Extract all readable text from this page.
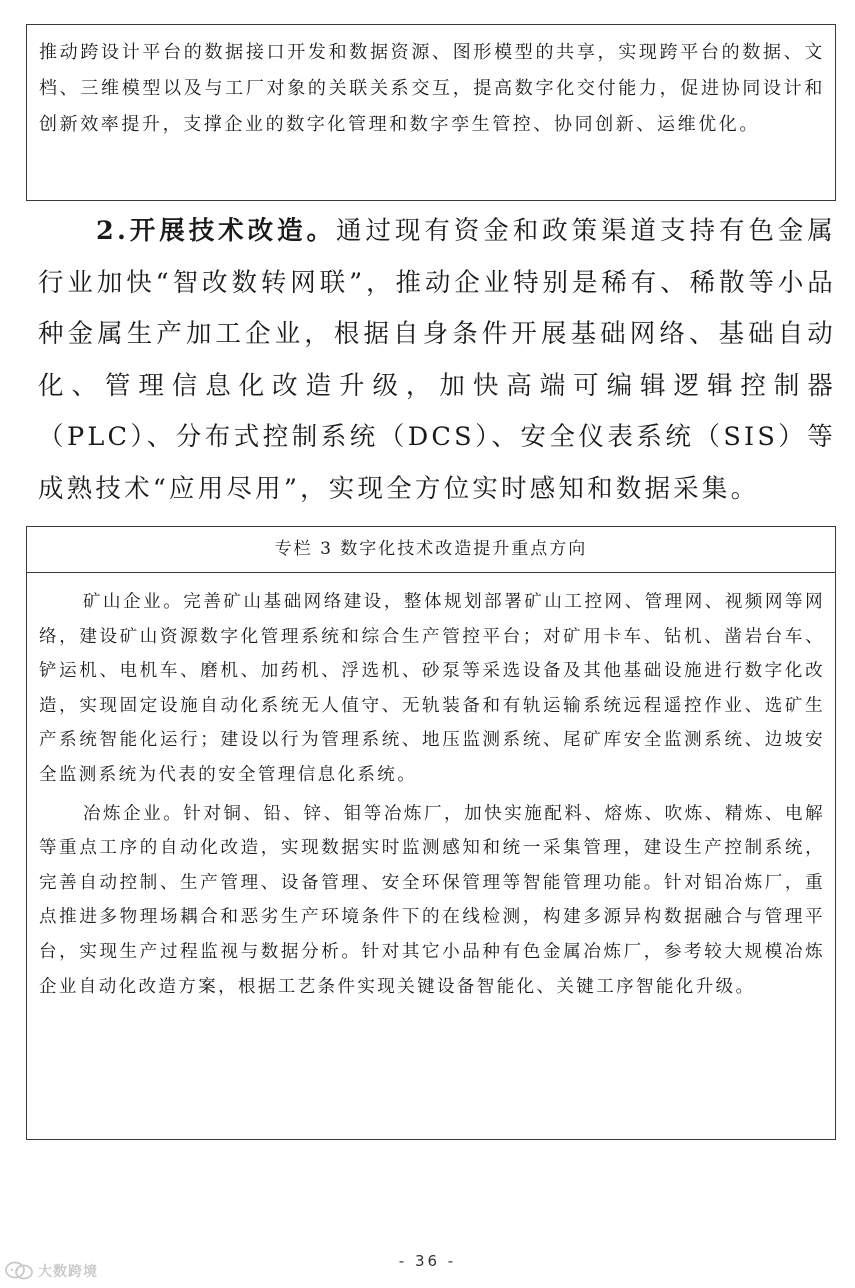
推动跨设计平台的数据接口开发和数据资源、图形模型的共享，实现跨平台的数据、文档、三维模型以及与工厂对象的关联关系交互，提高数字化交付能力，促进协同设计和创新效率提升，支撑企业的数字化管理和数字孪生管控、协同创新、运维优化。

2.开展技术改造。通过现有资金和政策渠道支持有色金属行业加快“智改数转网联”，推动企业特别是稀有、稀散等小品种金属生产加工企业，根据自身条件开展基础网络、基础自动化、管理信息化改造升级，加快高端可编辑逻辑控制器（PLC）、分布式控制系统（DCS）、安全仪表系统（SIS）等成熟技术“应用尽用”，实现全方位实时感知和数据采集。

专栏 3 数字化技术改造提升重点方向

矿山企业。完善矿山基础网络建设，整体规划部署矿山工控网、管理网、视频网等网络，建设矿山资源数字化管理系统和综合生产管控平台；对矿用卡车、钻机、凿岩台车、铲运机、电机车、磨机、加药机、浮选机、砂泵等采选设备及其他基础设施进行数字化改造，实现固定设施自动化系统无人值守、无轨装备和有轨运输系统远程遥控作业、选矿生产系统智能化运行；建设以行为管理系统、地压监测系统、尾矿库安全监测系统、边坡安全监测系统为代表的安全管理信息化系统。

冶炼企业。针对铜、铅、锌、钼等冶炼厂，加快实施配料、熔炼、吹炼、精炼、电解等重点工序的自动化改造，实现数据实时监测感知和统一采集管理，建设生产控制系统，完善自动控制、生产管理、设备管理、安全环保管理等智能管理功能。针对铝冶炼厂，重点推进多物理场耦合和恶劣生产环境条件下的在线检测，构建多源异构数据融合与管理平台，实现生产过程监视与数据分析。针对其它小品种有色金属冶炼厂，参考较大规模冶炼企业自动化改造方案，根据工艺条件实现关键设备智能化、关键工序智能化升级。

- 36 -
大数跨境
